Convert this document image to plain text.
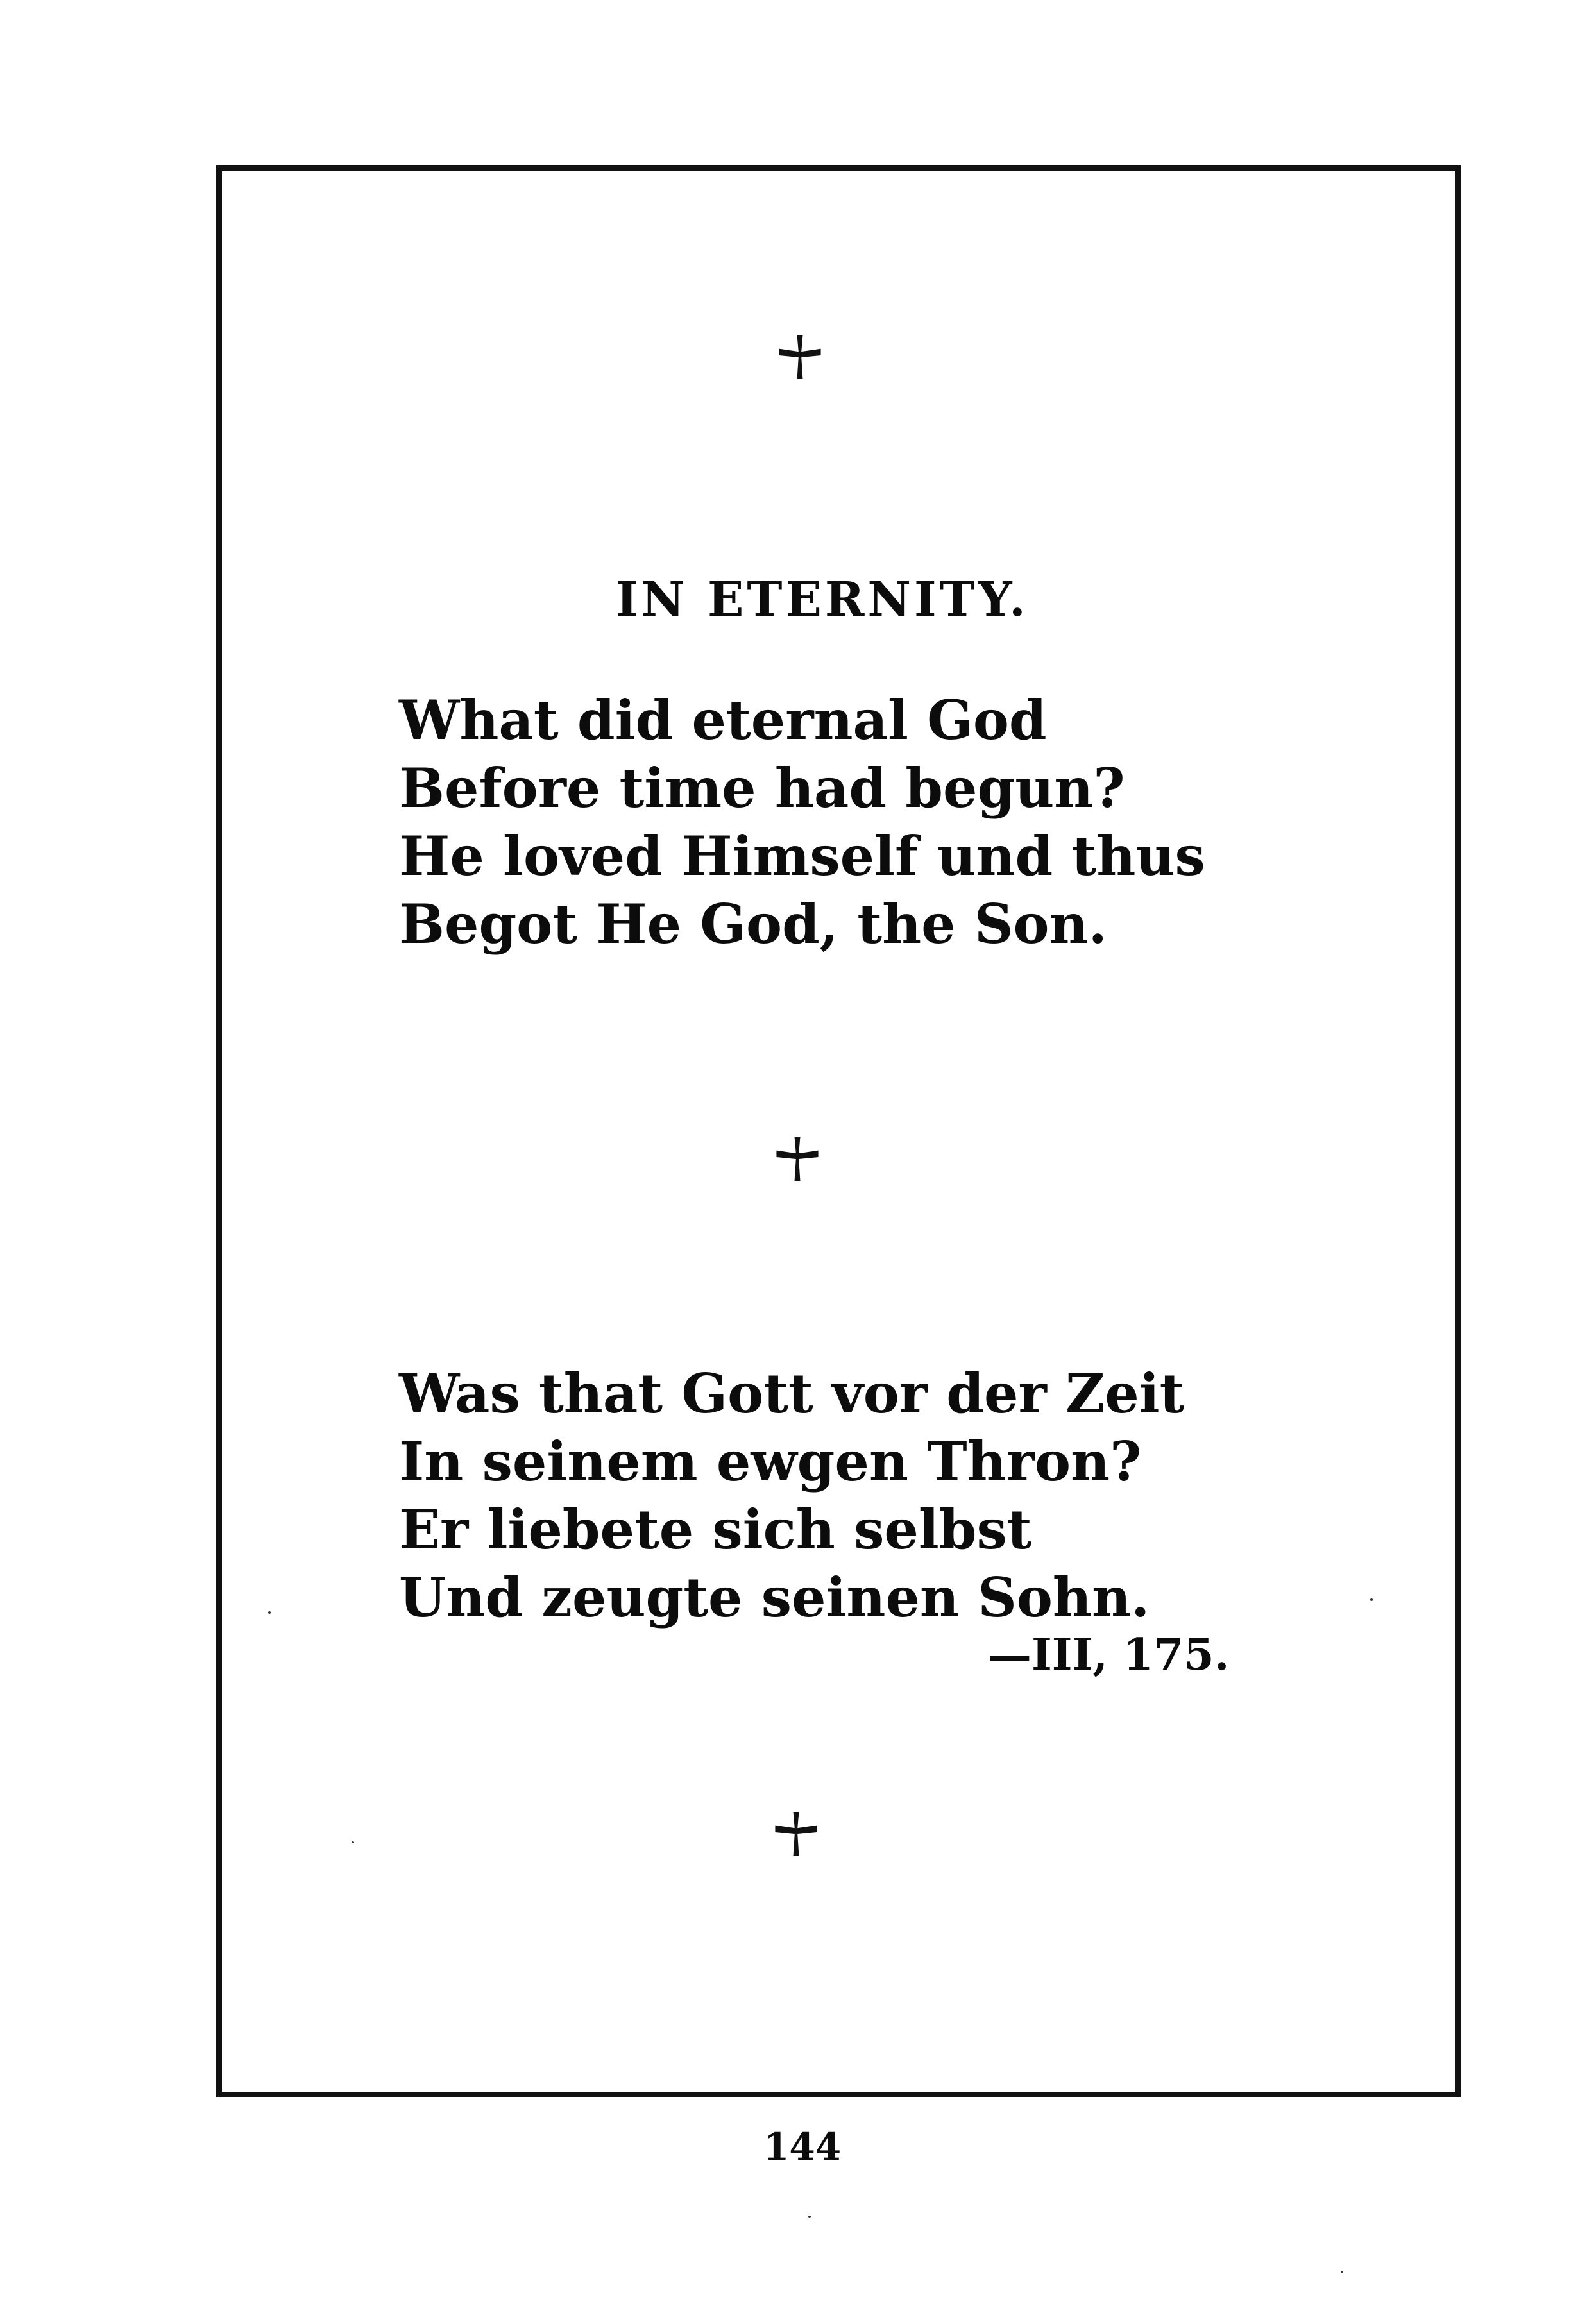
IN ETERNITY.
What did eternal God
Before time had begun?
He loved Himself und thus
Begot He God, the Son.
Was that Gott vor der Zeit
In seinem ewgen Thron?
Er liebete sich selbst
Und zeugte seinen Sohn.
—III, 175.
144
